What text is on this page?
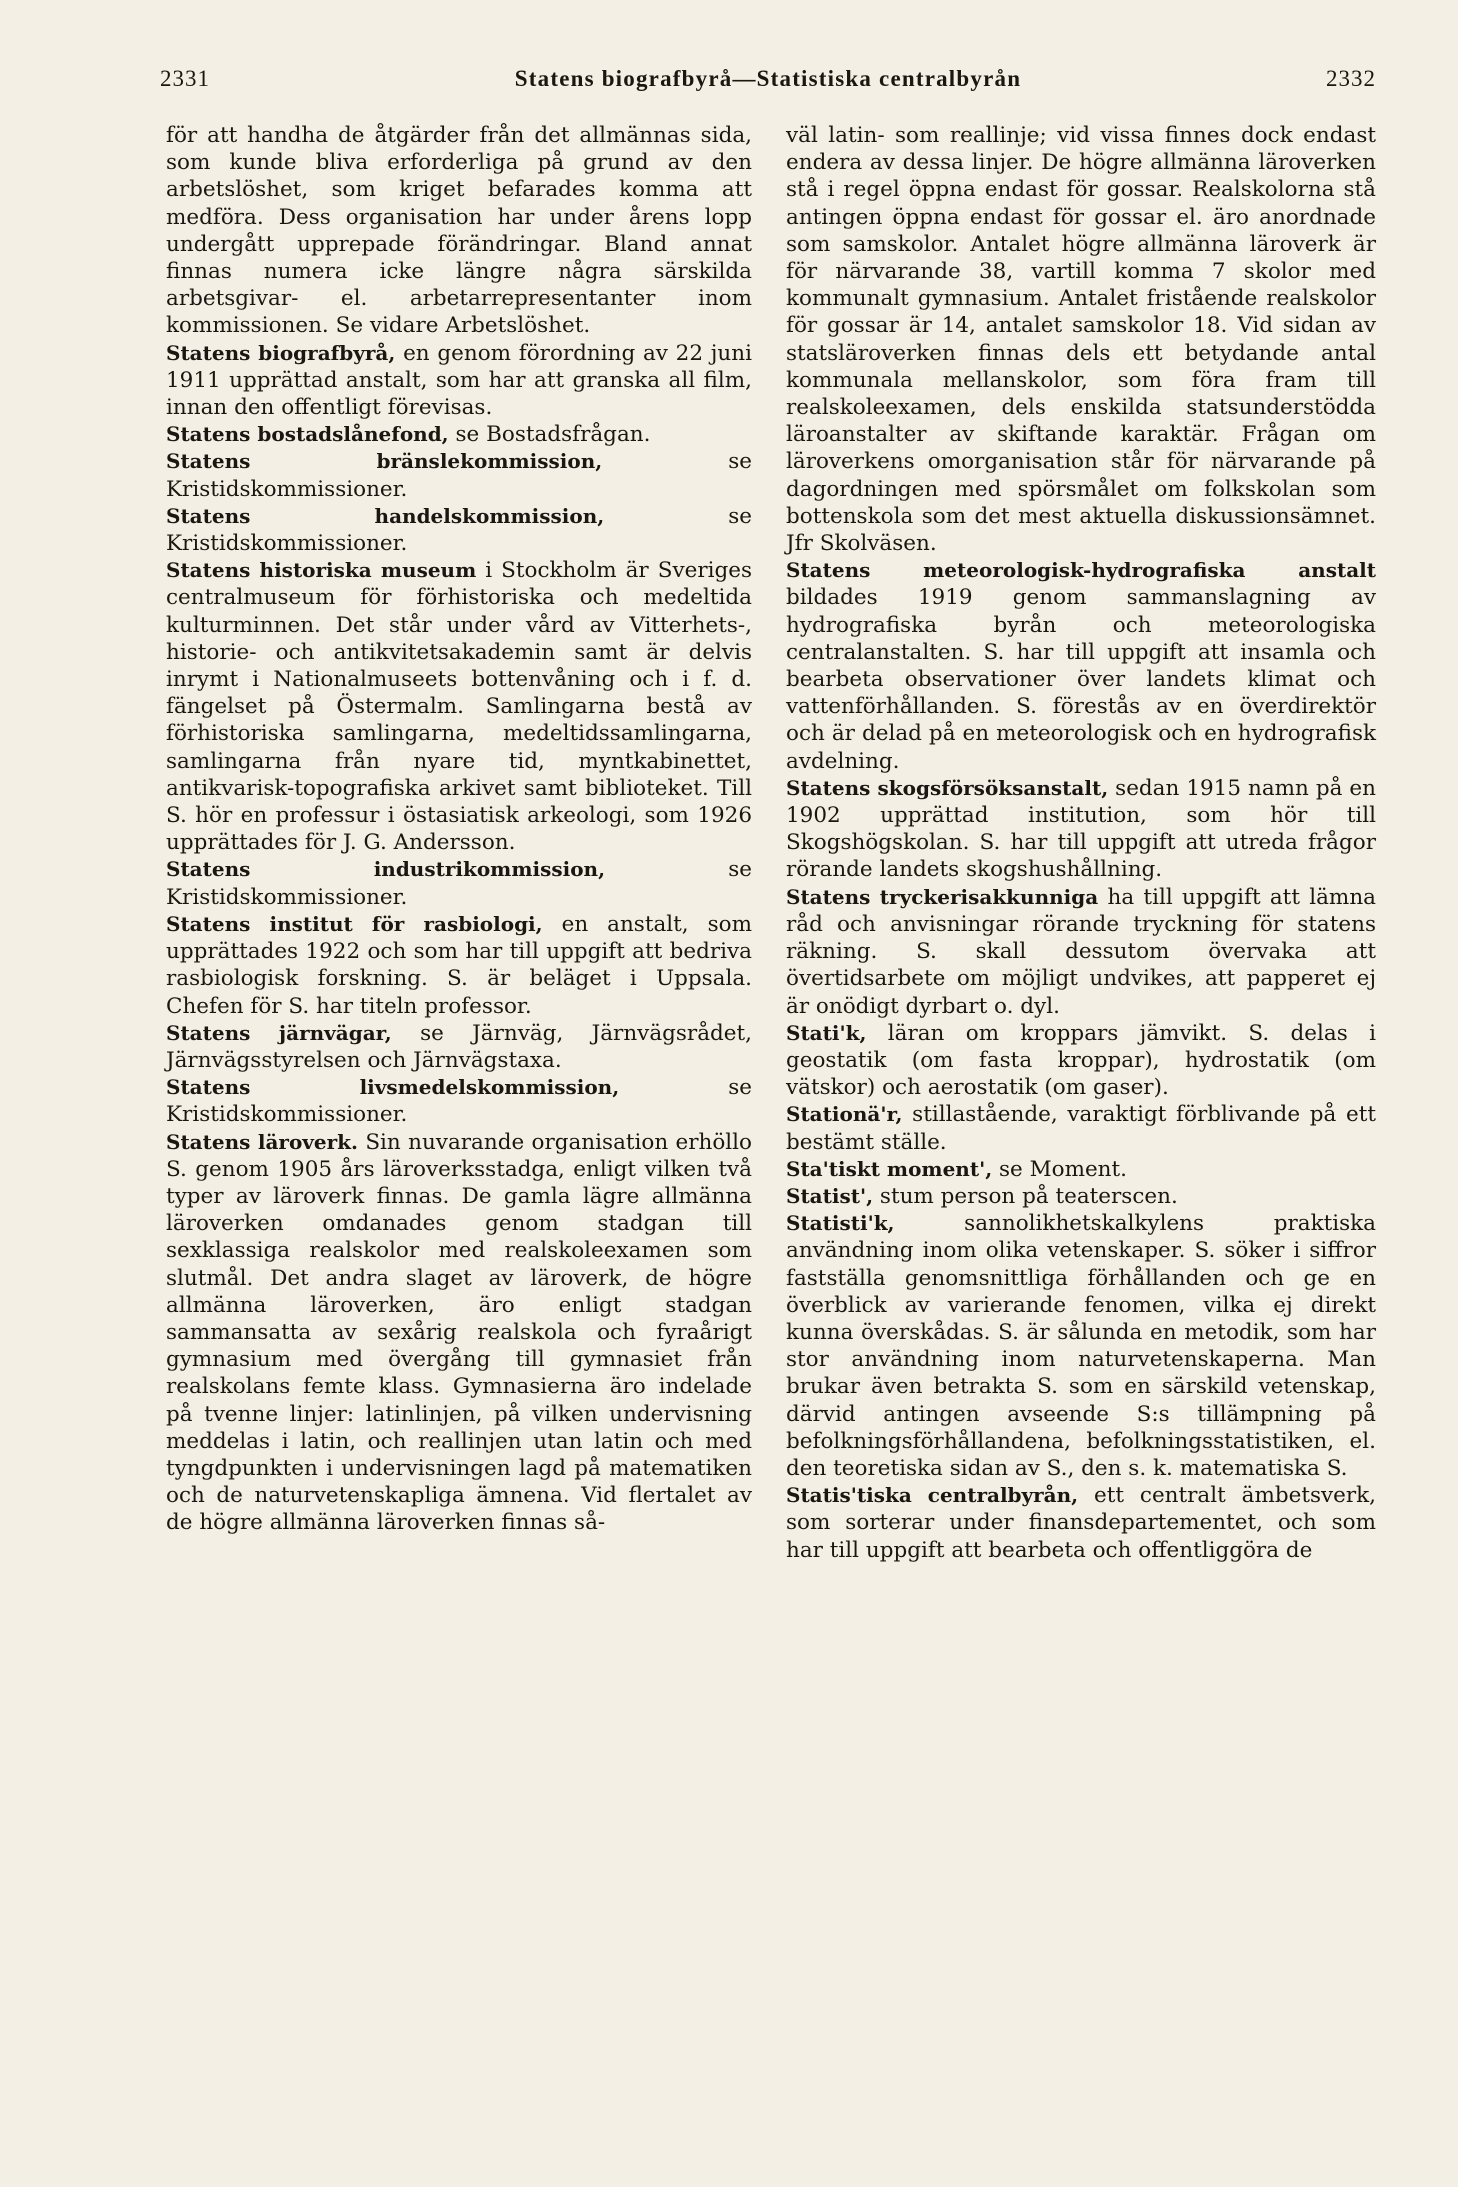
2331	Statens biografbyrå—Statistiska centralbyrån	2332

för att handha de åtgärder från det allmännas sida, som kunde bliva erforderliga på grund av den arbetslöshet, som kriget befarades komma att medföra. Dess organisation har under årens lopp undergått upprepade förändringar. Bland annat finnas numera icke längre några särskilda arbetsgivar- el. arbetarrepresentanter inom kommissionen. Se vidare Arbetslöshet.

Statens biografbyrå, en genom förordning av 22 juni 1911 upprättad anstalt, som har att granska all film, innan den offentligt förevisas.

Statens bostadslånefond, se Bostadsfrågan.

Statens bränslekommission,	se Kristidskommissioner.

Statens handelskommission,	se Kristidskommissioner.

Statens historiska museum i Stockholm är Sveriges centralmuseum för förhistoriska och medeltida kulturminnen. Det står under vård av Vitterhets-, historie- och antikvitetsakademin samt är delvis inrymt i Nationalmuseets bottenvåning och i f. d. fängelset på Östermalm. Samlingarna bestå av förhistoriska samlingarna, medeltidssamlingarna, samlingarna från nyare tid, myntkabinettet, antikvarisk-topografiska arkivet samt biblioteket. Till S. hör en professur i östasiatisk arkeologi, som 1926 upprättades för J. G. Andersson.

Statens industrikommission,	se Kristidskommissioner.

Statens institut för rasbiologi, en anstalt, som upprättades 1922 och som har till uppgift att bedriva rasbiologisk forskning. S. är beläget i Uppsala. Chefen för S. har titeln professor.

Statens järnvägar, se Järnväg, Järnvägsrådet, Järnvägsstyrelsen och Järnvägstaxa.

Statens livsmedelskommission,	se Kristidskommissioner.

Statens läroverk. Sin nuvarande organisation erhöllo S. genom 1905 års läroverksstadga, enligt vilken två typer av läroverk finnas. De gamla lägre allmänna läroverken omdanades genom stadgan till sexklassiga realskolor med realskoleexamen som slutmål. Det andra slaget av läroverk, de högre allmänna läroverken, äro enligt stadgan sammansatta av sexårig realskola och fyraårigt gymnasium med övergång till gymnasiet från realskolans femte klass. Gymnasierna äro indelade på tvenne linjer: latinlinjen, på vilken undervisning meddelas i latin, och reallinjen utan latin och med tyngdpunkten i undervisningen lagd på matematiken och de naturvetenskapliga ämnena. Vid flertalet av de högre allmänna läroverken finnas så-

väl latin- som reallinje; vid vissa finnes dock endast endera av dessa linjer. De högre allmänna läroverken stå i regel öppna endast för gossar. Realskolorna stå antingen öppna endast för gossar el. äro anordnade som samskolor. Antalet högre allmänna läroverk är för närvarande 38, vartill komma 7 skolor med kommunalt gymnasium. Antalet fristående realskolor för gossar är 14, antalet samskolor 18. Vid sidan av statsläroverken finnas dels ett betydande antal kommunala mellanskolor, som föra fram till realskoleexamen, dels enskilda statsunderstödda läroanstalter av skiftande karaktär. Frågan om läroverkens omorganisation står för närvarande på dagordningen med spörsmålet om folkskolan som bottenskola som det mest aktuella diskussionsämnet. Jfr Skolväsen.

Statens meteorologisk-hydrografiska anstalt bildades 1919 genom sammanslagning av hydrografiska byrån och meteorologiska centralanstalten. S. har till uppgift att insamla och bearbeta observationer över landets klimat och vattenförhållanden. S. förestås av en överdirektör och är delad på en meteorologisk och en hydrografisk avdelning.

Statens skogsförsöksanstalt, sedan 1915 namn på en 1902 upprättad institution, som hör till Skogshögskolan. S. har till uppgift att utreda frågor rörande landets skogshushållning.

Statens tryckerisakkunniga ha till uppgift att lämna råd och anvisningar rörande tryckning för statens räkning. S. skall dessutom övervaka att övertidsarbete om möjligt undvikes, att papperet ej är onödigt dyrbart o. dyl.

Stati'k, läran om kroppars jämvikt. S. delas i geostatik (om fasta kroppar), hydrostatik (om vätskor) och aerostatik (om gaser).

Stationä'r, stillastående, varaktigt förblivande på ett bestämt ställe.

Sta'tiskt moment', se Moment.

Statist', stum person på teaterscen.

Statisti'k,	sannolikhetskalkylens praktiska användning inom olika vetenskaper. S. söker i siffror fastställa genomsnittliga förhållanden och ge en överblick av varierande fenomen, vilka ej direkt kunna överskådas. S. är sålunda en metodik, som har stor användning inom naturvetenskaperna. Man brukar även betrakta S. som en särskild vetenskap, därvid antingen avseende S:s tillämpning på befolkningsförhållandena, befolkningsstatistiken, el. den teoretiska sidan av S., den s. k. matematiska S.

Statis'tiska centralbyrån, ett centralt ämbetsverk, som sorterar under finansdepartementet, och som har till uppgift att bearbeta och offentliggöra de
